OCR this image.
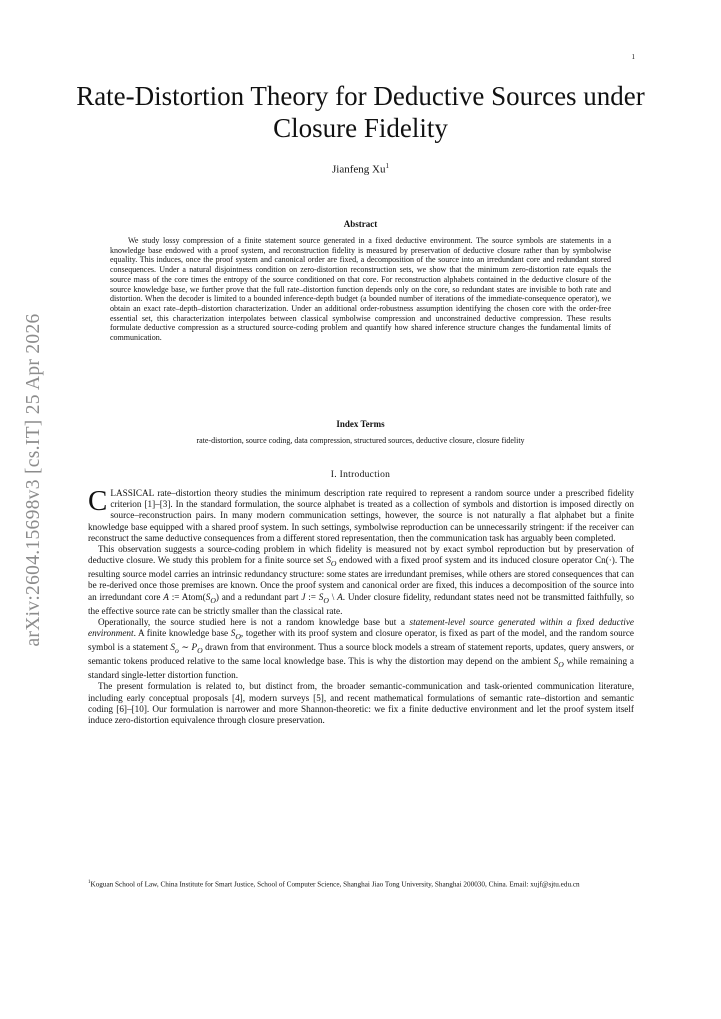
1
arXiv:2604.15698v3 [cs.IT] 25 Apr 2026
Rate-Distortion Theory for Deductive Sources under Closure Fidelity
Jianfeng Xu$^1$
Abstract

We study lossy compression of a finite statement source generated in a fixed deductive environment. The source symbols are statements in a knowledge base endowed with a proof system, and reconstruction fidelity is measured by preservation of deductive closure rather than by symbolwise equality. This induces, once the proof system and canonical order are fixed, a decomposition of the source into an irredundant core and redundant stored consequences. Under a natural disjointness condition on zero-distortion reconstruction sets, we show that the minimum zero-distortion rate equals the source mass of the core times the entropy of the source conditioned on that core. For reconstruction alphabets contained in the deductive closure of the source knowledge base, we further prove that the full rate–distortion function depends only on the core, so redundant states are invisible to both rate and distortion. When the decoder is limited to a bounded inference-depth budget (a bounded number of iterations of the immediate-consequence operator), we obtain an exact rate–depth–distortion characterization. Under an additional order-robustness assumption identifying the chosen core with the order-free essential set, this characterization interpolates between classical symbolwise compression and unconstrained deductive compression. These results formulate deductive compression as a structured source-coding problem and quantify how shared inference structure changes the fundamental limits of communication.

Index Terms
rate-distortion, source coding, data compression, structured sources, deductive closure, closure fidelity
I. Introduction

CLASSICAL rate–distortion theory studies the minimum description rate required to represent a random source under a prescribed fidelity criterion [1]–[3]. In the standard formulation, the source alphabet is treated as a collection of symbols and distortion is imposed directly on source–reconstruction pairs. In many modern communication settings, however, the source is not naturally a flat alphabet but a finite knowledge base equipped with a shared proof system. In such settings, symbolwise reproduction can be unnecessarily stringent: if the receiver can reconstruct the same deductive consequences from a different stored representation, then the communication task has arguably been completed.

This observation suggests a source-coding problem in which fidelity is measured not by exact symbol reproduction but by preservation of deductive closure. We study this problem for a finite source set $S_O$ endowed with a fixed proof system and its induced closure operator Cn(·). The resulting source model carries an intrinsic redundancy structure: some states are irredundant premises, while others are stored consequences that can be re-derived once those premises are known. Once the proof system and canonical order are fixed, this induces a decomposition of the source into an irredundant core A := $Atom(S_O)$ and a redundant part J := $S_O$ \ A. Under closure fidelity, redundant states need not be transmitted faithfully, so the effective source rate can be strictly smaller than the classical rate.

Operationally, the source studied here is not a random knowledge base but a statement-level source generated within a fixed deductive environment. A finite knowledge base $S_O$, together with its proof system and closure operator, is fixed as part of the model, and the random source symbol is a statement $S_o$ ∼ $P_O$ drawn from that environment. Thus a source block models a stream of statement reports, updates, query answers, or semantic tokens produced relative to the same local knowledge base. This is why the distortion may depend on the ambient $S_O$ while remaining a standard single-letter distortion function.

The present formulation is related to, but distinct from, the broader semantic-communication and task-oriented communication literature, including early conceptual proposals [4], modern surveys [5], and recent mathematical formulations of semantic rate–distortion and semantic coding [6]–[10]. Our formulation is narrower and more Shannon-theoretic: we fix a finite deductive environment and let the proof system itself induce zero-distortion equivalence through closure preservation.

$^1$Koguan School of Law, China Institute for Smart Justice, School of Computer Science, Shanghai Jiao Tong University, Shanghai 200030, China. Email: xujf@sjtu.edu.cn
